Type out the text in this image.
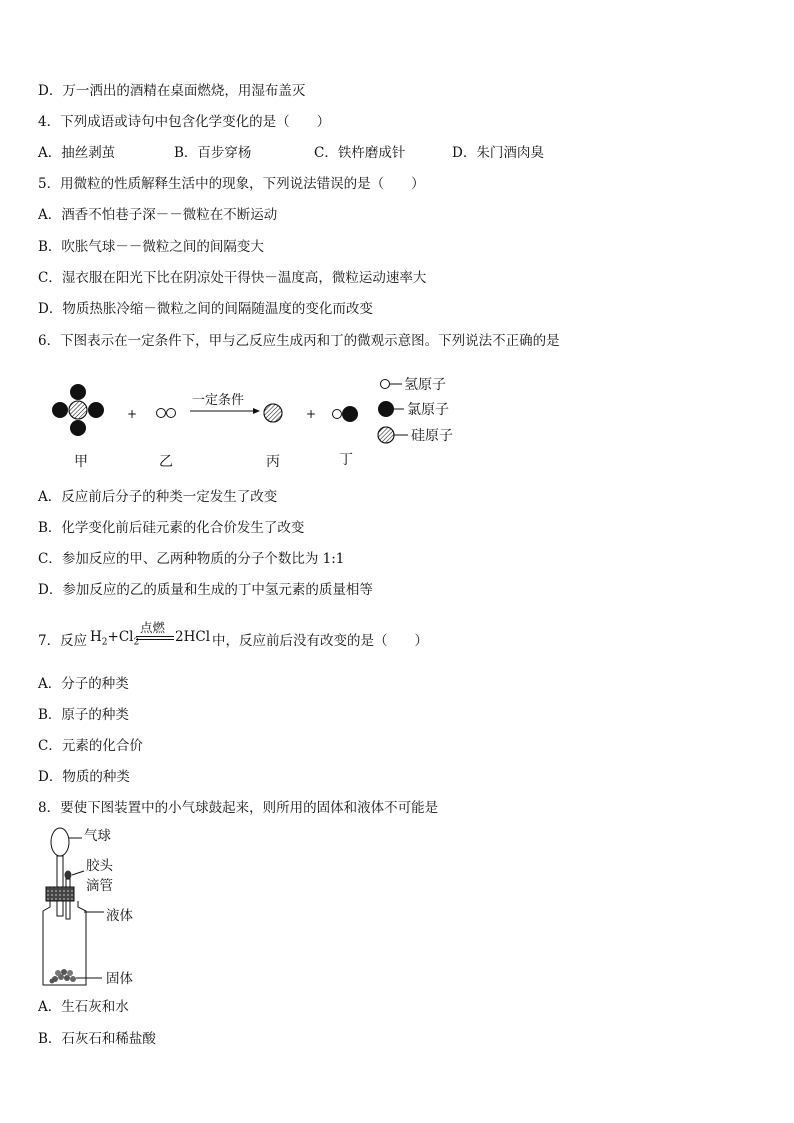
D．万一洒出的酒精在桌面燃烧，用湿布盖灭
4．下列成语或诗句中包含化学变化的是（　　）
A．抽丝剥茧	B．百步穿杨	C．铁杵磨成针	D．朱门酒肉臭
5．用微粒的性质解释生活中的现象，下列说法错误的是（　　）
A．酒香不怕巷子深－－微粒在不断运动
B．吹胀气球－－微粒之间的间隔变大
C．湿衣服在阳光下比在阴凉处干得快－温度高，微粒运动速率大
D．物质热胀冷缩－微粒之间的间隔随温度的变化而改变
6．下图表示在一定条件下，甲与乙反应生成丙和丁的微观示意图。下列说法不正确的是
+
一定条件
+
甲	乙	丙	丁
氢原子
氯原子
硅原子
A．反应前后分子的种类一定发生了改变
B．化学变化前后硅元素的化合价发生了改变
C．参加反应的甲、乙两种物质的分子个数比为 1:1
D．参加反应的乙的质量和生成的丁中氢元素的质量相等
7．反应 $H_2+Cl_2$
点燃
2HCl 中，反应前后没有改变的是（　　）
A．分子的种类
B．原子的种类
C．元素的化合价
D．物质的种类
8．要使下图装置中的小气球鼓起来，则所用的固体和液体不可能是
气球
胶头
滴管
液体
固体
A．生石灰和水
B．石灰石和稀盐酸
